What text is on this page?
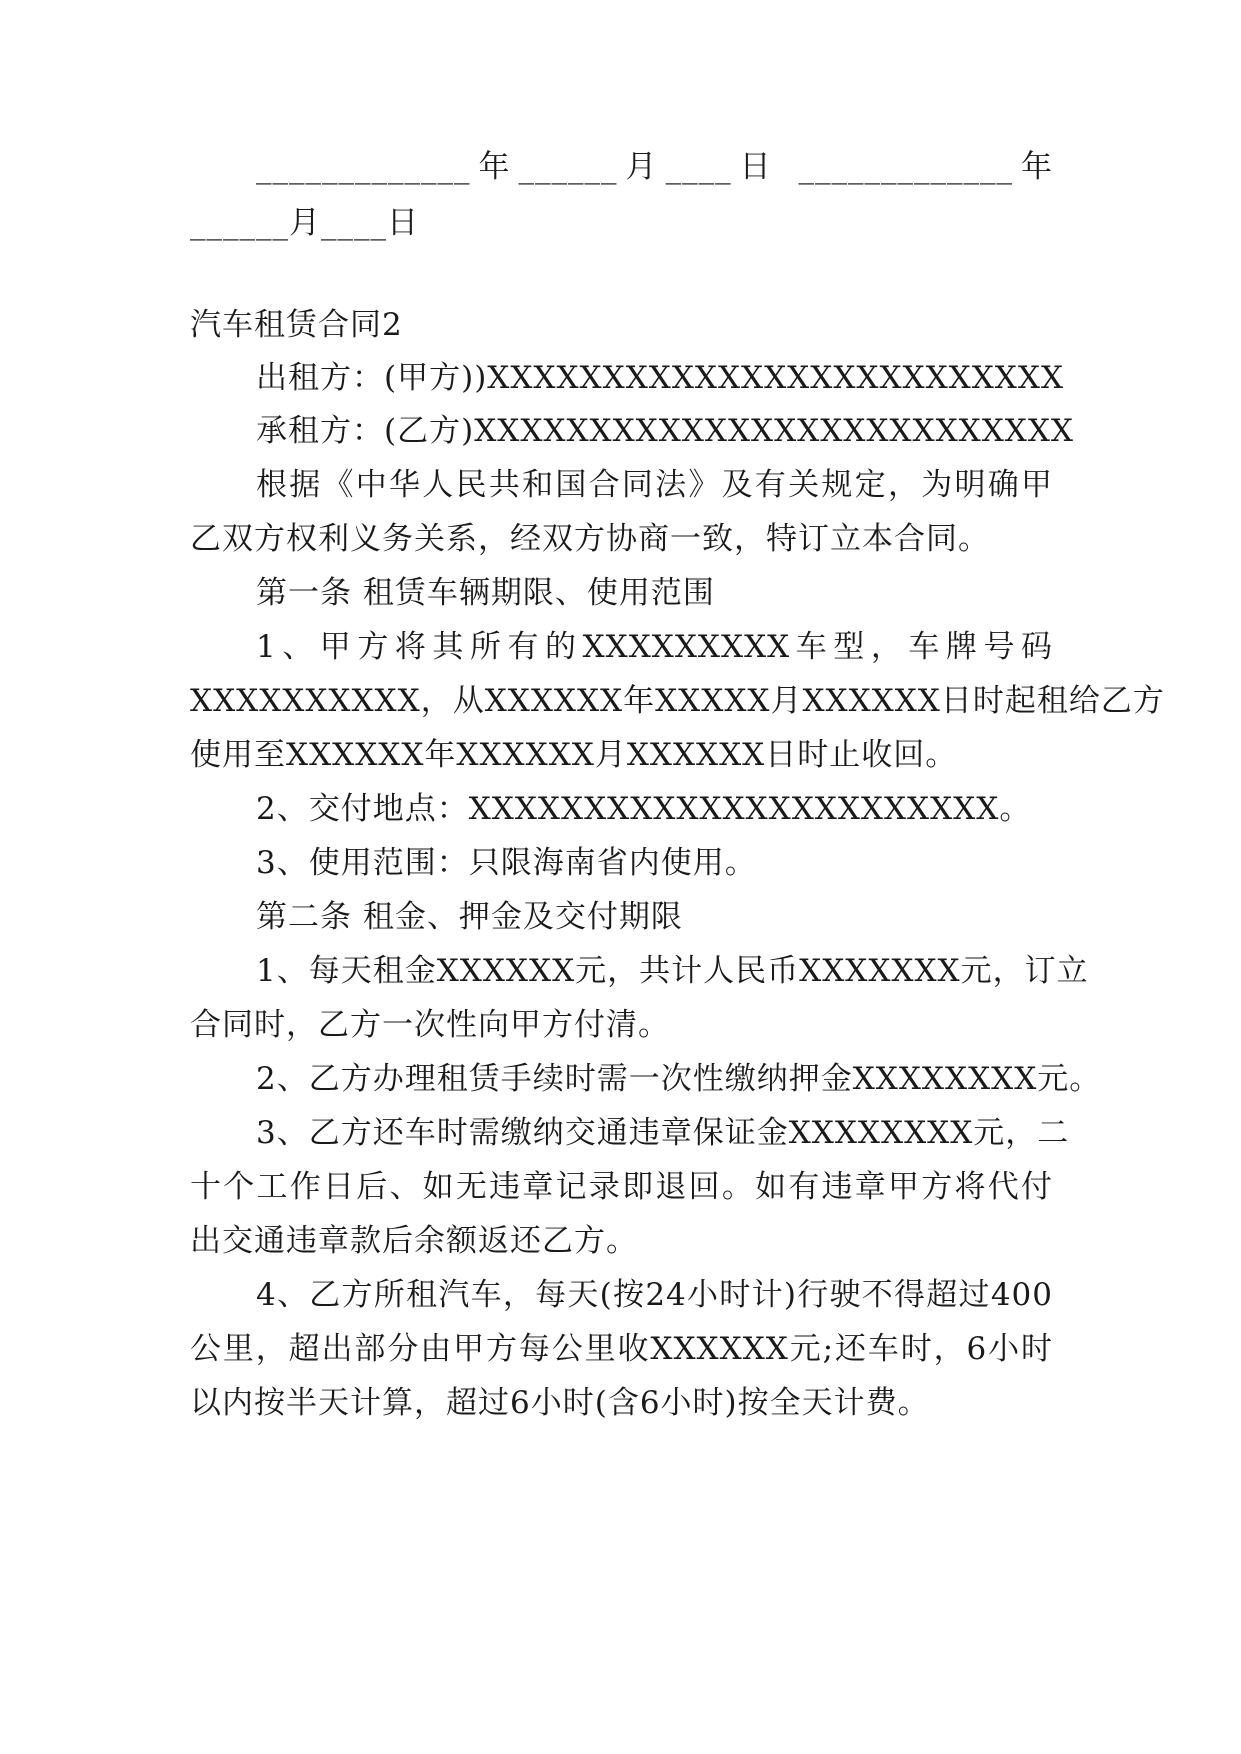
_____________年______月____日 _____________年
______月____日
汽车租赁合同2
出租方：(甲方))XXXXXXXXXXXXXXXXXXXXXXXXX
承租方：(乙方)XXXXXXXXXXXXXXXXXXXXXXXXXX
根据《中华人民共和国合同法》及有关规定，为明确甲
乙双方权利义务关系，经双方协商一致，特订立本合同。
第一条 租赁车辆期限、使用范围
1、甲方将其所有的XXXXXXXXX车型，车牌号码
XXXXXXXXXX，从XXXXXX年XXXXX月XXXXXX日时起租给乙方
使用至XXXXXX年XXXXXX月XXXXXX日时止收回。
2、交付地点：XXXXXXXXXXXXXXXXXXXXXXX。
3、使用范围：只限海南省内使用。
第二条 租金、押金及交付期限
1、每天租金XXXXXX元，共计人民币XXXXXXX元，订立
合同时，乙方一次性向甲方付清。
2、乙方办理租赁手续时需一次性缴纳押金XXXXXXXX元。
3、乙方还车时需缴纳交通违章保证金XXXXXXXX元，二
十个工作日后、如无违章记录即退回。如有违章甲方将代付
出交通违章款后余额返还乙方。
4、乙方所租汽车，每天(按24小时计)行驶不得超过400
公里，超出部分由甲方每公里收XXXXXX元;还车时，6小时
以内按半天计算，超过6小时(含6小时)按全天计费。
